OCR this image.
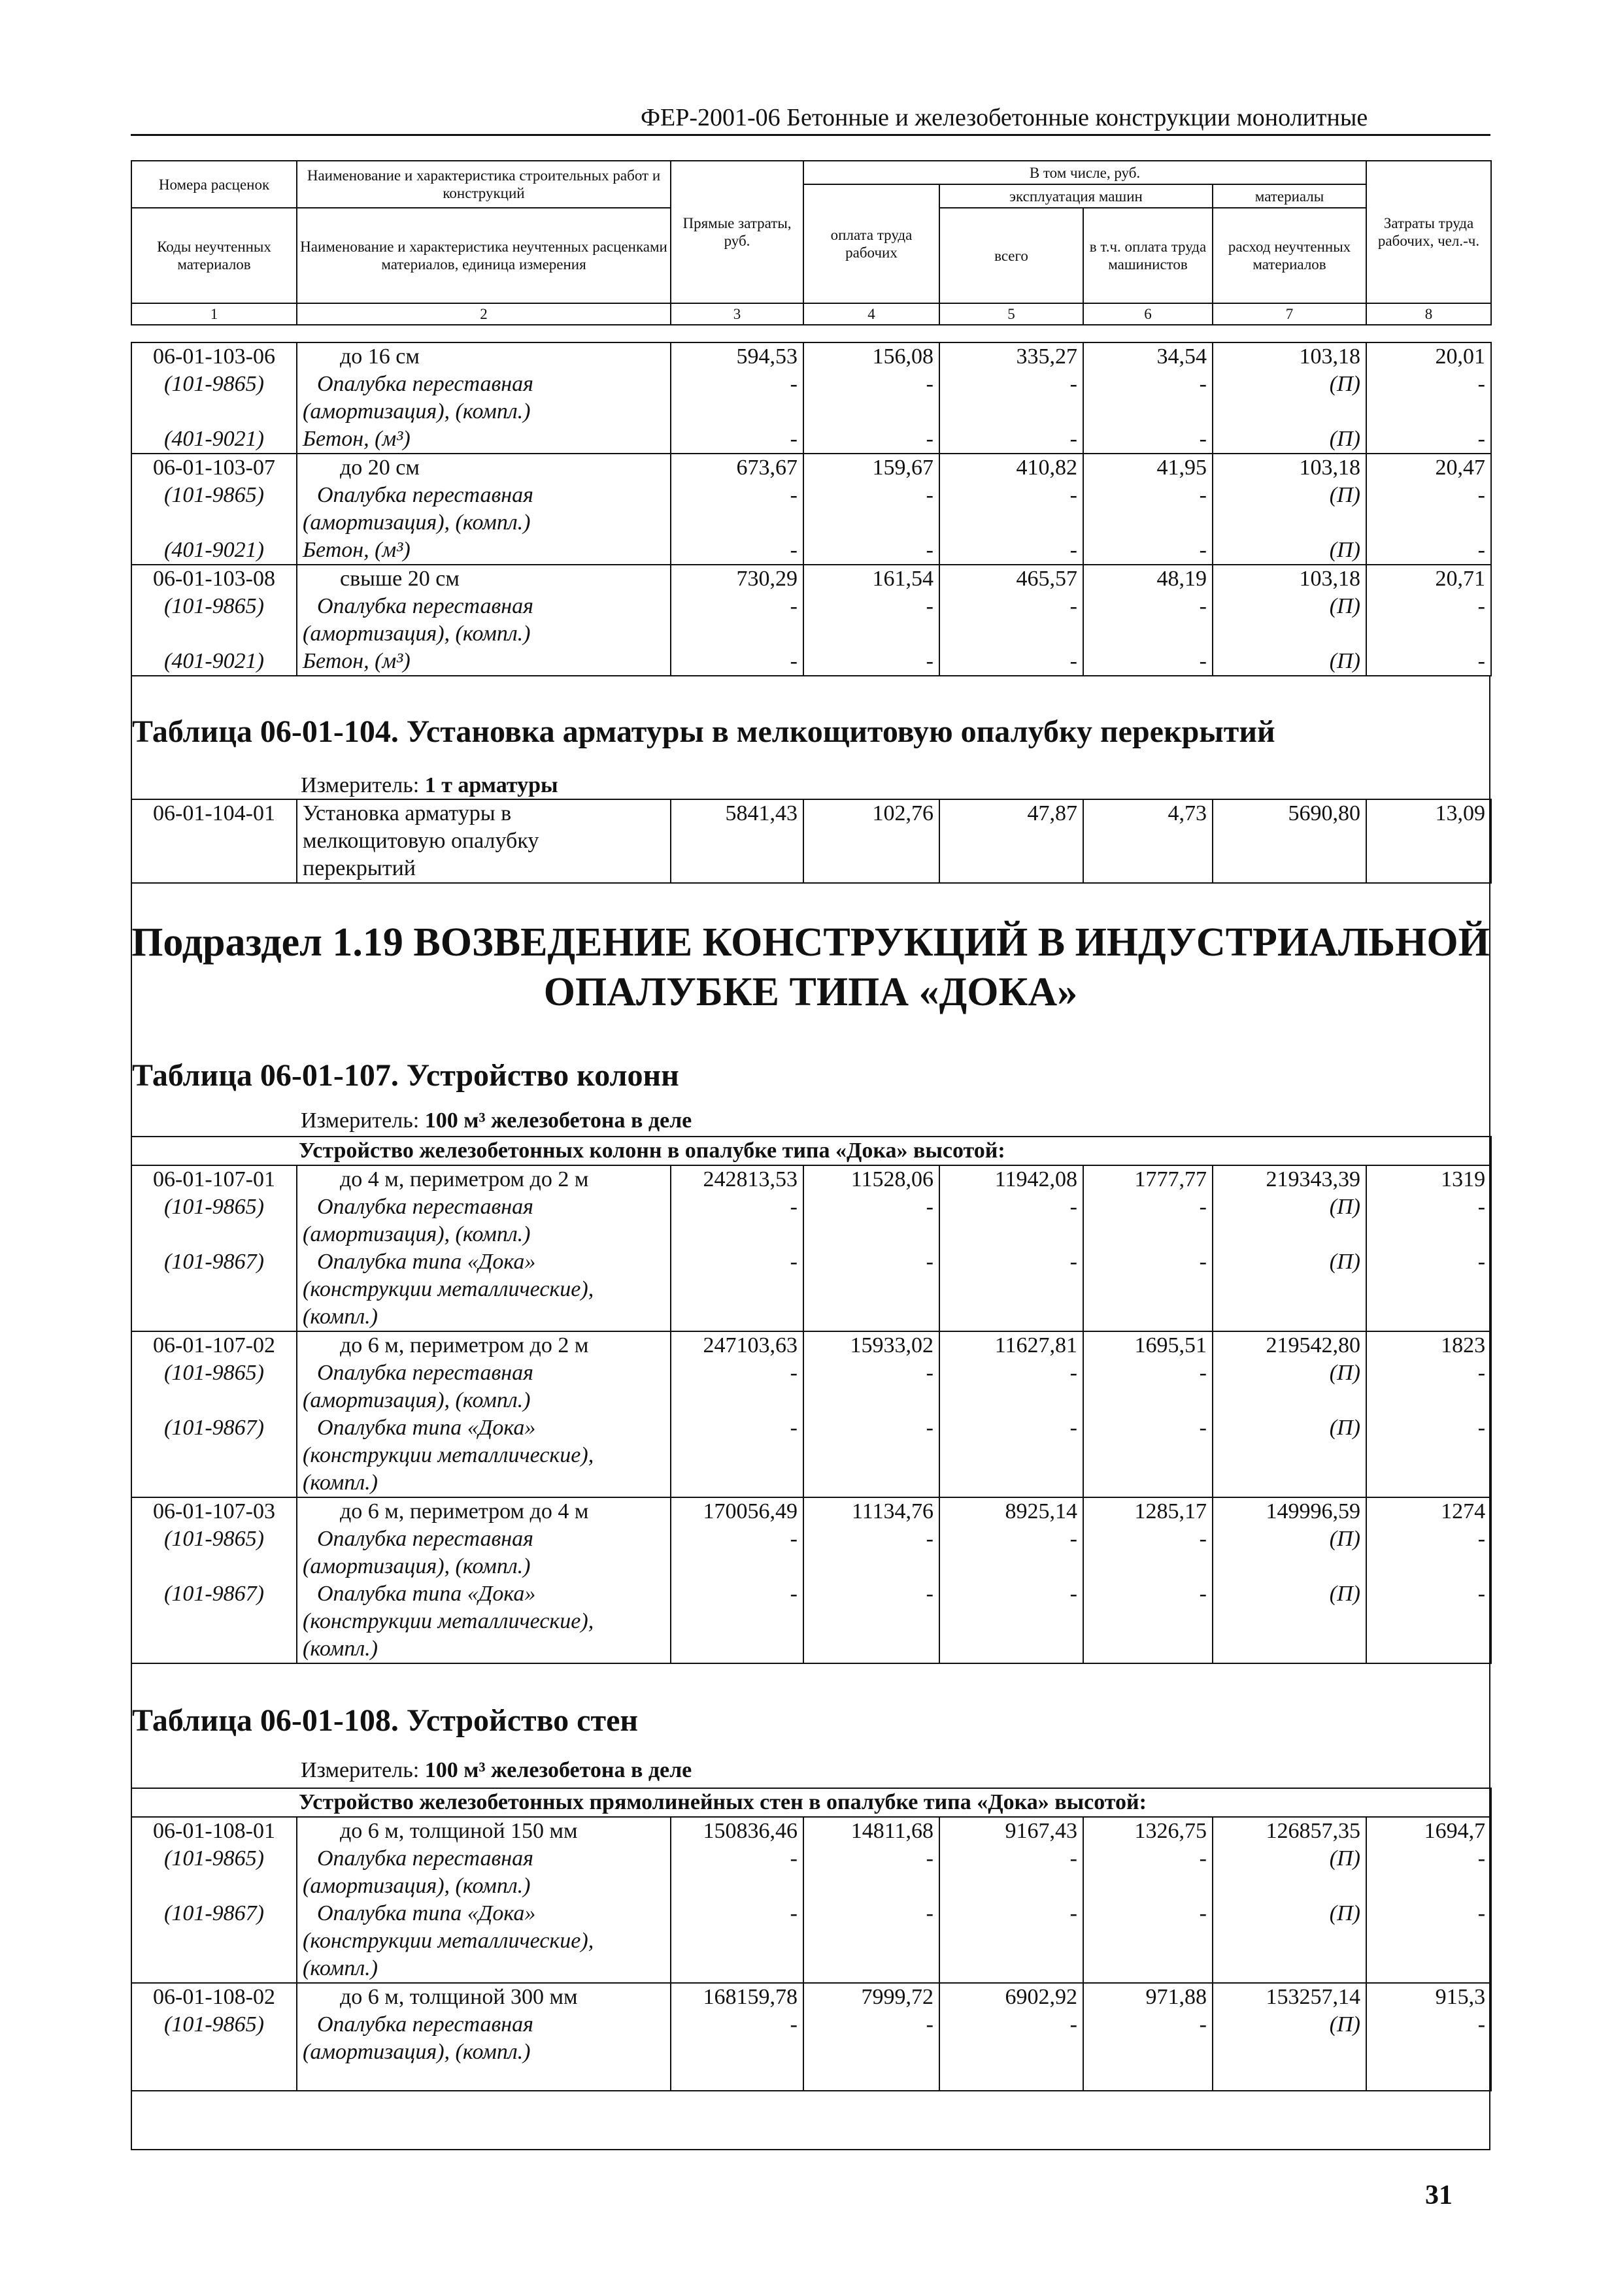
ФЕР-2001-06 Бетонные и железобетонные конструкции монолитные
Номера расценок	Наименование и характеристика строительных работ и конструкций	Прямые затраты, руб.	В том числе, руб.				Затраты труда рабочих, чел.-ч.
			оплата труда рабочих	эксплуатация машин		материалы	
Коды неучтенных материалов	Наименование и характеристика неучтенных расценками материалов, единица измерения			всего	в т.ч. оплата труда машинистов	расход неучтенных материалов	

1	2	3	4	5	6	7	8
06-01-103-06	до 16 см	594,53	156,08	335,27	34,54	103,18	20,01
(101-9865)	Опалубка переставная	-	-	-	-	(П)	-
	(амортизация), (компл.)						
(401-9021)	Бетон, (м³)	-	-	-	-	(П)	-
06-01-103-07	до 20 см	673,67	159,67	410,82	41,95	103,18	20,47
(101-9865)	Опалубка переставная	-	-	-	-	(П)	-
	(амортизация), (компл.)						
(401-9021)	Бетон, (м³)	-	-	-	-	(П)	-
06-01-103-08	свыше 20 см	730,29	161,54	465,57	48,19	103,18	20,71
(101-9865)	Опалубка переставная	-	-	-	-	(П)	-
	(амортизация), (компл.)						
(401-9021)	Бетон, (м³)	-	-	-	-	(П)	-
Таблица 06-01-104. Установка арматуры в мелкощитовую опалубку перекрытий
Измеритель: 1 т арматуры
06-01-104-01	Установка арматуры в	5841,43	102,76	47,87	4,73	5690,80	13,09
	мелкощитовую опалубку						
	перекрытий						
Подраздел 1.19 ВОЗВЕДЕНИЕ КОНСТРУКЦИЙ В ИНДУСТРИАЛЬНОЙ
ОПАЛУБКЕ ТИПА «ДОКА»
Таблица 06-01-107. Устройство колонн
Измеритель: 100 м³ железобетона в деле
Устройство железобетонных колонн в опалубке типа «Дока» высотой:							
06-01-107-01	до 4 м, периметром до 2 м	242813,53	11528,06	11942,08	1777,77	219343,39	1319
(101-9865)	Опалубка переставная	-	-	-	-	(П)	-
	(амортизация), (компл.)						
(101-9867)	Опалубка типа «Дока»	-	-	-	-	(П)	-
	(конструкции металлические),						
	(компл.)						
06-01-107-02	до 6 м, периметром до 2 м	247103,63	15933,02	11627,81	1695,51	219542,80	1823
(101-9865)	Опалубка переставная	-	-	-	-	(П)	-
	(амортизация), (компл.)						
(101-9867)	Опалубка типа «Дока»	-	-	-	-	(П)	-
	(конструкции металлические),						
	(компл.)						
06-01-107-03	до 6 м, периметром до 4 м	170056,49	11134,76	8925,14	1285,17	149996,59	1274
(101-9865)	Опалубка переставная	-	-	-	-	(П)	-
	(амортизация), (компл.)						
(101-9867)	Опалубка типа «Дока»	-	-	-	-	(П)	-
	(конструкции металлические),						
	(компл.)						
Таблица 06-01-108. Устройство стен
Измеритель: 100 м³ железобетона в деле
Устройство железобетонных прямолинейных стен в опалубке типа «Дока» высотой:							
06-01-108-01	до 6 м, толщиной 150 мм	150836,46	14811,68	9167,43	1326,75	126857,35	1694,7
(101-9865)	Опалубка переставная	-	-	-	-	(П)	-
	(амортизация), (компл.)						
(101-9867)	Опалубка типа «Дока»	-	-	-	-	(П)	-
	(конструкции металлические),						
	(компл.)						
06-01-108-02	до 6 м, толщиной 300 мм	168159,78	7999,72	6902,92	971,88	153257,14	915,3
(101-9865)	Опалубка переставная	-	-	-	-	(П)	-
	(амортизация), (компл.)						
31
